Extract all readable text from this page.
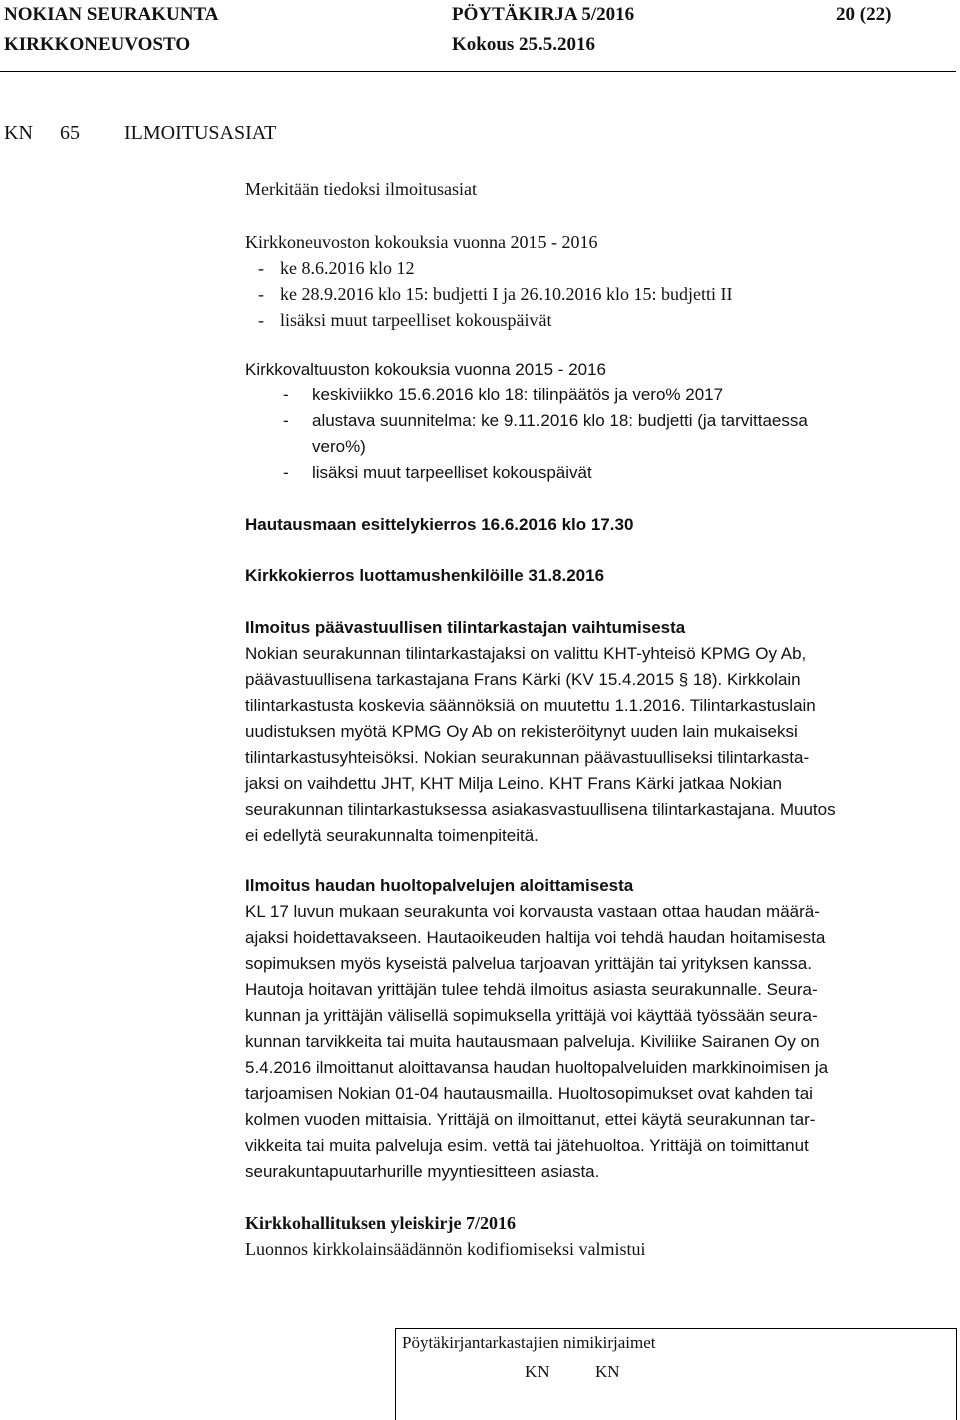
NOKIAN SEURAKUNTA
KIRKKONEUVOSTO
PÖYTÄKIRJA 5/2016
Kokous 25.5.2016
20 (22)
KN 65 ILMOITUSASIAT
Merkitään tiedoksi ilmoitusasiat
Kirkkoneuvoston kokouksia vuonna 2015 - 2016
- ke 8.6.2016 klo 12
- ke 28.9.2016 klo 15: budjetti I ja 26.10.2016 klo 15: budjetti II
- lisäksi muut tarpeelliset kokouspäivät
Kirkkovaltuuston kokouksia vuonna 2015 - 2016
- keskiviikko 15.6.2016 klo 18: tilinpäätös ja vero% 2017
- alustava suunnitelma: ke 9.11.2016 klo 18: budjetti (ja tarvittaessa
vero%)
- lisäksi muut tarpeelliset kokouspäivät
Hautausmaan esittelykierros 16.6.2016 klo 17.30
Kirkkokierros luottamushenkilöille 31.8.2016
Ilmoitus päävastuullisen tilintarkastajan vaihtumisesta
Nokian seurakunnan tilintarkastajaksi on valittu KHT-yhteisö KPMG Oy Ab,
päävastuullisena tarkastajana Frans Kärki (KV 15.4.2015 § 18). Kirkkolain
tilintarkastusta koskevia säännöksiä on muutettu 1.1.2016. Tilintarkastuslain
uudistuksen myötä KPMG Oy Ab on rekisteröitynyt uuden lain mukaiseksi
tilintarkastusyhteisöksi. Nokian seurakunnan päävastuulliseksi tilintarkasta-
jaksi on vaihdettu JHT, KHT Milja Leino. KHT Frans Kärki jatkaa Nokian
seurakunnan tilintarkastuksessa asiakasvastuullisena tilintarkastajana. Muutos
ei edellytä seurakunnalta toimenpiteitä.
Ilmoitus haudan huoltopalvelujen aloittamisesta
KL 17 luvun mukaan seurakunta voi korvausta vastaan ottaa haudan määrä-
ajaksi hoidettavakseen. Hautaoikeuden haltija voi tehdä haudan hoitamisesta
sopimuksen myös kyseistä palvelua tarjoavan yrittäjän tai yrityksen kanssa.
Hautoja hoitavan yrittäjän tulee tehdä ilmoitus asiasta seurakunnalle. Seura-
kunnan ja yrittäjän välisellä sopimuksella yrittäjä voi käyttää työssään seura-
kunnan tarvikkeita tai muita hautausmaan palveluja. Kiviliike Sairanen Oy on
5.4.2016 ilmoittanut aloittavansa haudan huoltopalveluiden markkinoimisen ja
tarjoamisen Nokian 01-04 hautausmailla. Huoltosopimukset ovat kahden tai
kolmen vuoden mittaisia. Yrittäjä on ilmoittanut, ettei käytä seurakunnan tar-
vikkeita tai muita palveluja esim. vettä tai jätehuoltoa. Yrittäjä on toimittanut
seurakuntapuutarhurille myyntiesitteen asiasta.
Kirkkohallituksen yleiskirje 7/2016
Luonnos kirkkolainsäädännön kodifiomiseksi valmistui
Pöytäkirjantarkastajien nimikirjaimet
KN	KN
